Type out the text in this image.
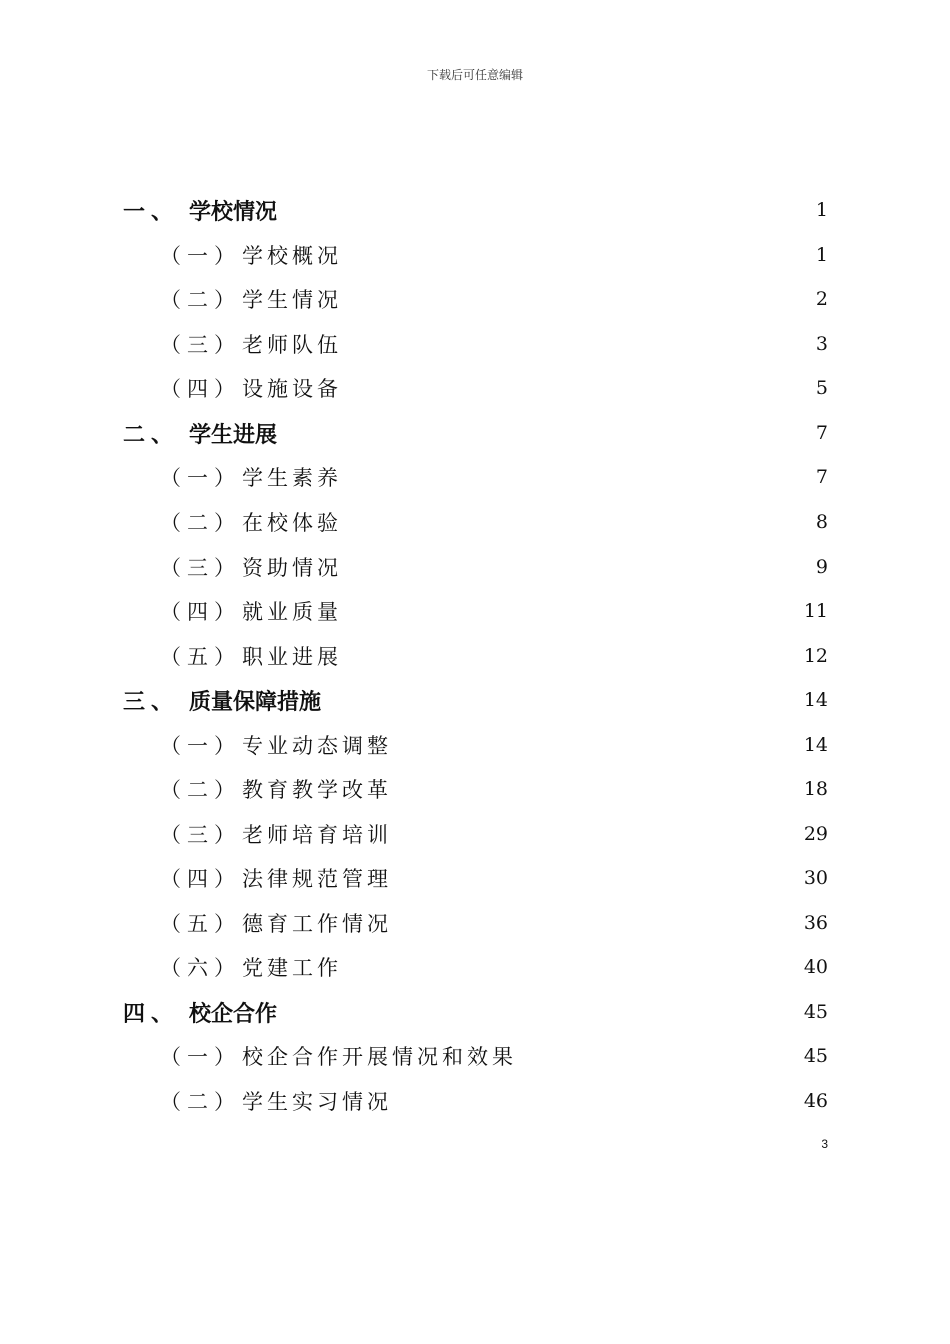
下载后可任意编辑
一、 学校情况	1
（一） 学校概况	1
（二） 学生情况	2
（三） 老师队伍	3
（四） 设施设备	5
二、 学生进展	7
（一） 学生素养	7
（二） 在校体验	8
（三） 资助情况	9
（四） 就业质量	11
（五） 职业进展	12
三、 质量保障措施	14
（一） 专业动态调整	14
（二） 教育教学改革	18
（三） 老师培育培训	29
（四） 法律规范管理	30
（五） 德育工作情况	36
（六） 党建工作	40
四、 校企合作	45
（一） 校企合作开展情况和效果	45
（二） 学生实习情况	46
3
